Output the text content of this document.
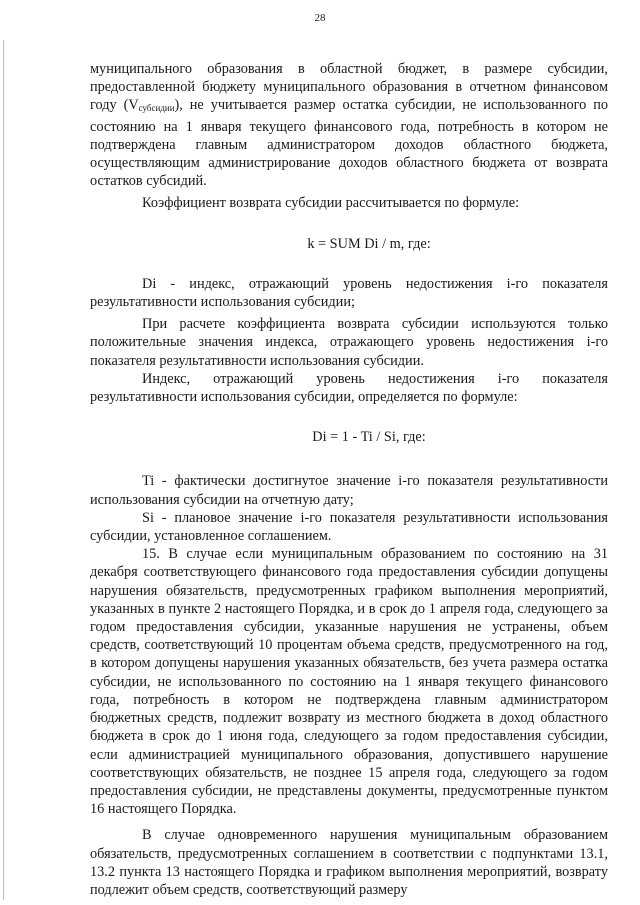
28

муниципального образования в областной бюджет, в размере субсидии, предоставленной бюджету муниципального образования в отчетном финансовом году $(V_{субсидии})$, не учитывается размер остатка субсидии, не использованного по состоянию на 1 января текущего финансового года, потребность в котором не подтверждена главным администратором доходов областного бюджета, осуществляющим администрирование доходов областного бюджета от возврата остатков субсидий.

Коэффициент возврата субсидии рассчитывается по формуле:

k = SUM Di / m, где:

Di - индекс, отражающий уровень недостижения i-го показателя результативности использования субсидии;

При расчете коэффициента возврата субсидии используются только положительные значения индекса, отражающего уровень недостижения i-го показателя результативности использования субсидии.

Индекс, отражающий уровень недостижения i-го показателя результативности использования субсидии, определяется по формуле:

Di = 1 - Ti / Si, где:

Ti - фактически достигнутое значение i-го показателя результативности использования субсидии на отчетную дату;

Si - плановое значение i-го показателя результативности использования субсидии, установленное соглашением.

15. В случае если муниципальным образованием по состоянию на 31 декабря соответствующего финансового года предоставления субсидии допущены нарушения обязательств, предусмотренных графиком выполнения мероприятий, указанных в пункте 2 настоящего Порядка, и в срок до 1 апреля года, следующего за годом предоставления субсидии, указанные нарушения не устранены, объем средств, соответствующий 10 процентам объема средств, предусмотренного на год, в котором допущены нарушения указанных обязательств, без учета размера остатка субсидии, не использованного по состоянию на 1 января текущего финансового года, потребность в котором не подтверждена главным администратором бюджетных средств, подлежит возврату из местного бюджета в доход областного бюджета в срок до 1 июня года, следующего за годом предоставления субсидии, если администрацией муниципального образования, допустившего нарушение соответствующих обязательств, не позднее 15 апреля года, следующего за годом предоставления субсидии, не представлены документы, предусмотренные пунктом 16 настоящего Порядка.

В случае одновременного нарушения муниципальным образованием обязательств, предусмотренных соглашением в соответствии с подпунктами 13.1, 13.2 пункта 13 настоящего Порядка и графиком выполнения мероприятий, возврату подлежит объем средств, соответствующий размеру
